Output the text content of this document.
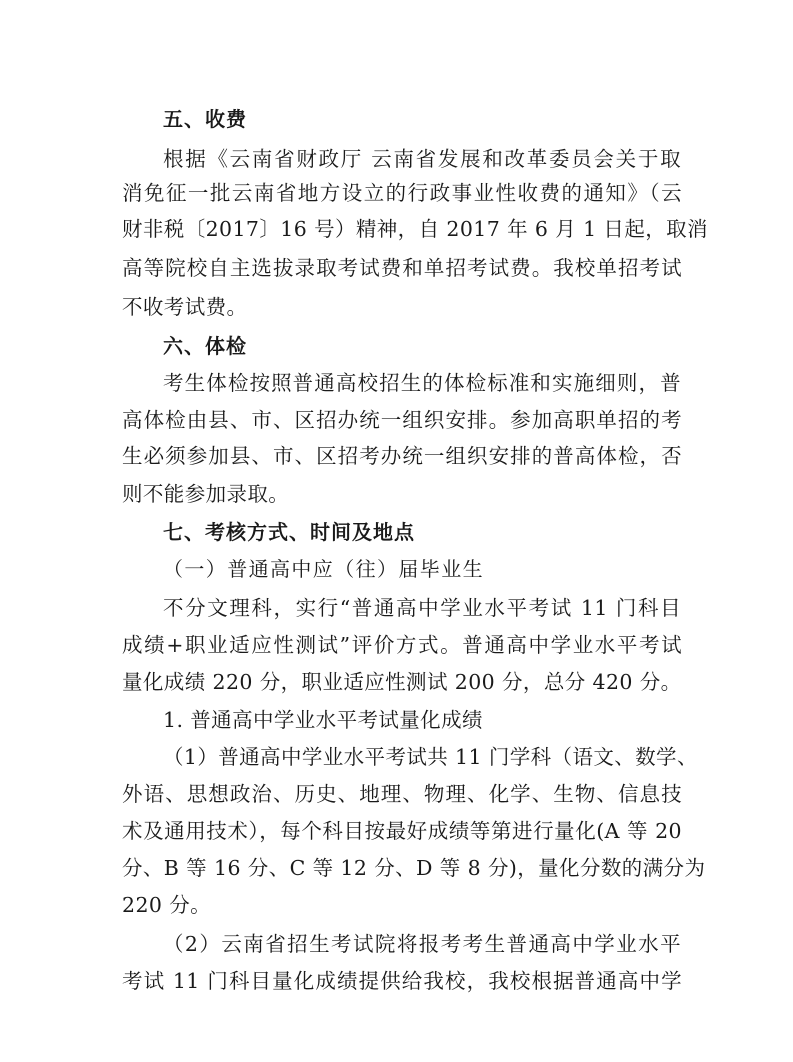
五、收费
根据《云南省财政厅 云南省发展和改革委员会关于取
消免征一批云南省地方设立的行政事业性收费的通知》（云
财非税〔2017〕16 号）精神，自 2017 年 6 月 1 日起，取消
高等院校自主选拔录取考试费和单招考试费。我校单招考试
不收考试费。
六、体检
考生体检按照普通高校招生的体检标准和实施细则，普
高体检由县、市、区招办统一组织安排。参加高职单招的考
生必须参加县、市、区招考办统一组织安排的普高体检，否
则不能参加录取。
七、考核方式、时间及地点
（一）普通高中应（往）届毕业生
不分文理科，实行“普通高中学业水平考试 11 门科目
成绩+职业适应性测试”评价方式。普通高中学业水平考试
量化成绩 220 分，职业适应性测试 200 分，总分 420 分。
1. 普通高中学业水平考试量化成绩
（1）普通高中学业水平考试共 11 门学科（语文、数学、
外语、思想政治、历史、地理、物理、化学、生物、信息技
术及通用技术），每个科目按最好成绩等第进行量化(A 等 20
分、B 等 16 分、C 等 12 分、D 等 8 分)，量化分数的满分为
220 分。
（2）云南省招生考试院将报考考生普通高中学业水平
考试 11 门科目量化成绩提供给我校，我校根据普通高中学
